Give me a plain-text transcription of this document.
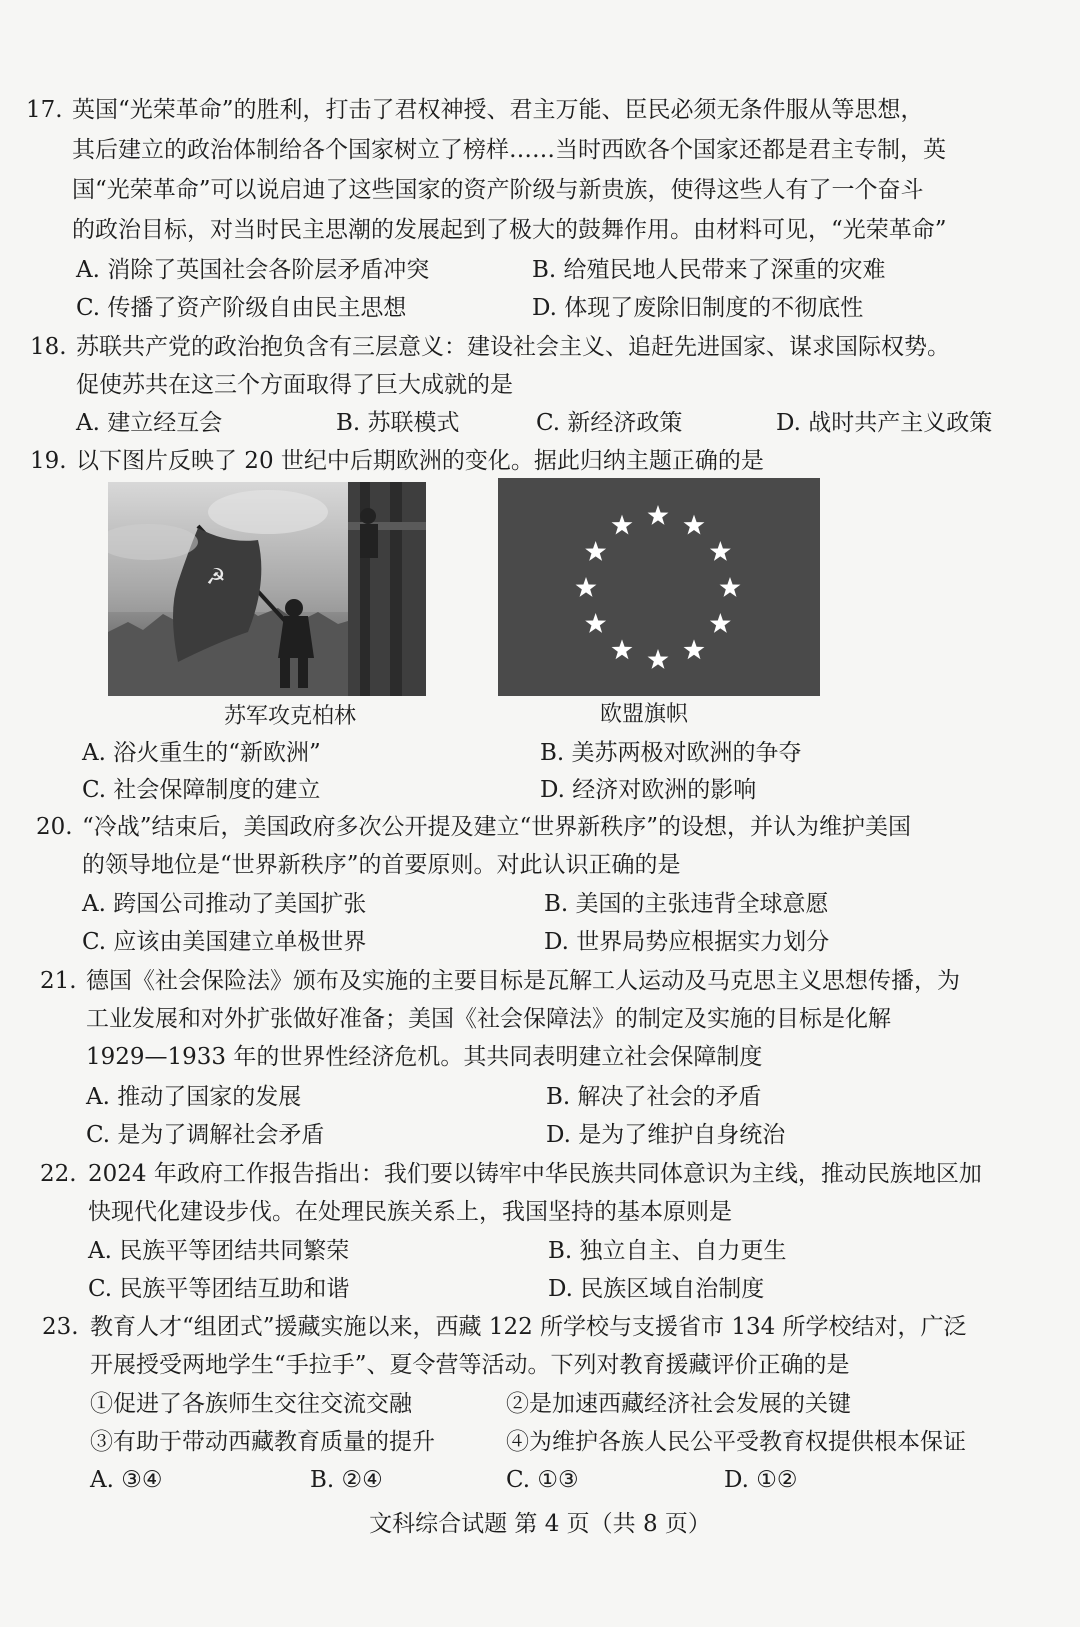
17. 英国“光荣革命”的胜利，打击了君权神授、君主万能、臣民必须无条件服从等思想，
其后建立的政治体制给各个国家树立了榜样……当时西欧各个国家还都是君主专制，英
国“光荣革命”可以说启迪了这些国家的资产阶级与新贵族，使得这些人有了一个奋斗
的政治目标，对当时民主思潮的发展起到了极大的鼓舞作用。由材料可见，“光荣革命”
A. 消除了英国社会各阶层矛盾冲突	B. 给殖民地人民带来了深重的灾难
C. 传播了资产阶级自由民主思想	D. 体现了废除旧制度的不彻底性
18. 苏联共产党的政治抱负含有三层意义：建设社会主义、追赶先进国家、谋求国际权势。
促使苏共在这三个方面取得了巨大成就的是
A. 建立经互会	B. 苏联模式	C. 新经济政策	D. 战时共产主义政策
19. 以下图片反映了 20 世纪中后期欧洲的变化。据此归纳主题正确的是
☭
苏军攻克柏林	欧盟旗帜
A. 浴火重生的“新欧洲”	B. 美苏两极对欧洲的争夺
C. 社会保障制度的建立	D. 经济对欧洲的影响
20. “冷战”结束后，美国政府多次公开提及建立“世界新秩序”的设想，并认为维护美国
的领导地位是“世界新秩序”的首要原则。对此认识正确的是
A. 跨国公司推动了美国扩张	B. 美国的主张违背全球意愿
C. 应该由美国建立单极世界	D. 世界局势应根据实力划分
21. 德国《社会保险法》颁布及实施的主要目标是瓦解工人运动及马克思主义思想传播，为
工业发展和对外扩张做好准备；美国《社会保障法》的制定及实施的目标是化解
1929—1933 年的世界性经济危机。其共同表明建立社会保障制度
A. 推动了国家的发展	B. 解决了社会的矛盾
C. 是为了调解社会矛盾	D. 是为了维护自身统治
22. 2024 年政府工作报告指出：我们要以铸牢中华民族共同体意识为主线，推动民族地区加
快现代化建设步伐。在处理民族关系上，我国坚持的基本原则是
A. 民族平等团结共同繁荣	B. 独立自主、自力更生
C. 民族平等团结互助和谐	D. 民族区域自治制度
23. 教育人才“组团式”援藏实施以来，西藏 122 所学校与支援省市 134 所学校结对，广泛
开展授受两地学生“手拉手”、夏令营等活动。下列对教育援藏评价正确的是
①促进了各族师生交往交流交融	②是加速西藏经济社会发展的关键
③有助于带动西藏教育质量的提升	④为维护各族人民公平受教育权提供根本保证
A. ③④	B. ②④	C. ①③	D. ①②
文科综合试题 第 4 页（共 8 页）
